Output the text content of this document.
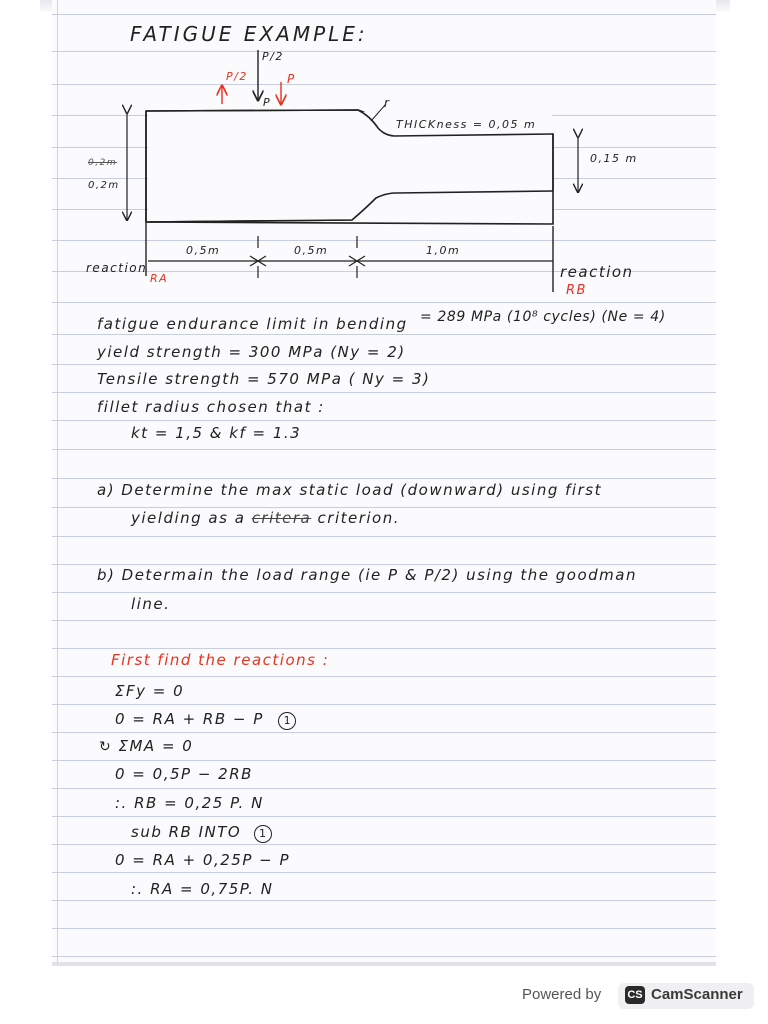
FATIGUE EXAMPLE:
P/2
P/2
P
P
r
THICKness = 0,05 m
0,15 m
0,2m
0,2m
0,5m	0,5m	1,0m
reaction
RA	reaction
RB
fatigue endurance limit in bending = 289 MPa (10⁸ cycles) (Ne = 4)
yield strength = 300 MPa (Ny = 2)
Tensile strength = 570 MPa ( Ny = 3)
fillet radius chosen that :
kt = 1,5 & kf = 1.3
a) Determine the max static load (downward) using first
yielding as a critera criterion.
b) Determain the load range (ie P & P/2) using the goodman
line.
First find the reactions :
ΣFy = 0
0 = RA + RB − P 1
↻ ΣMA = 0
0 = 0,5P − 2RB
:. RB = 0,25 P. N
sub RB INTO 1
0 = RA + 0,25P − P
:. RA = 0,75P. N
Powered by CS CamScanner
